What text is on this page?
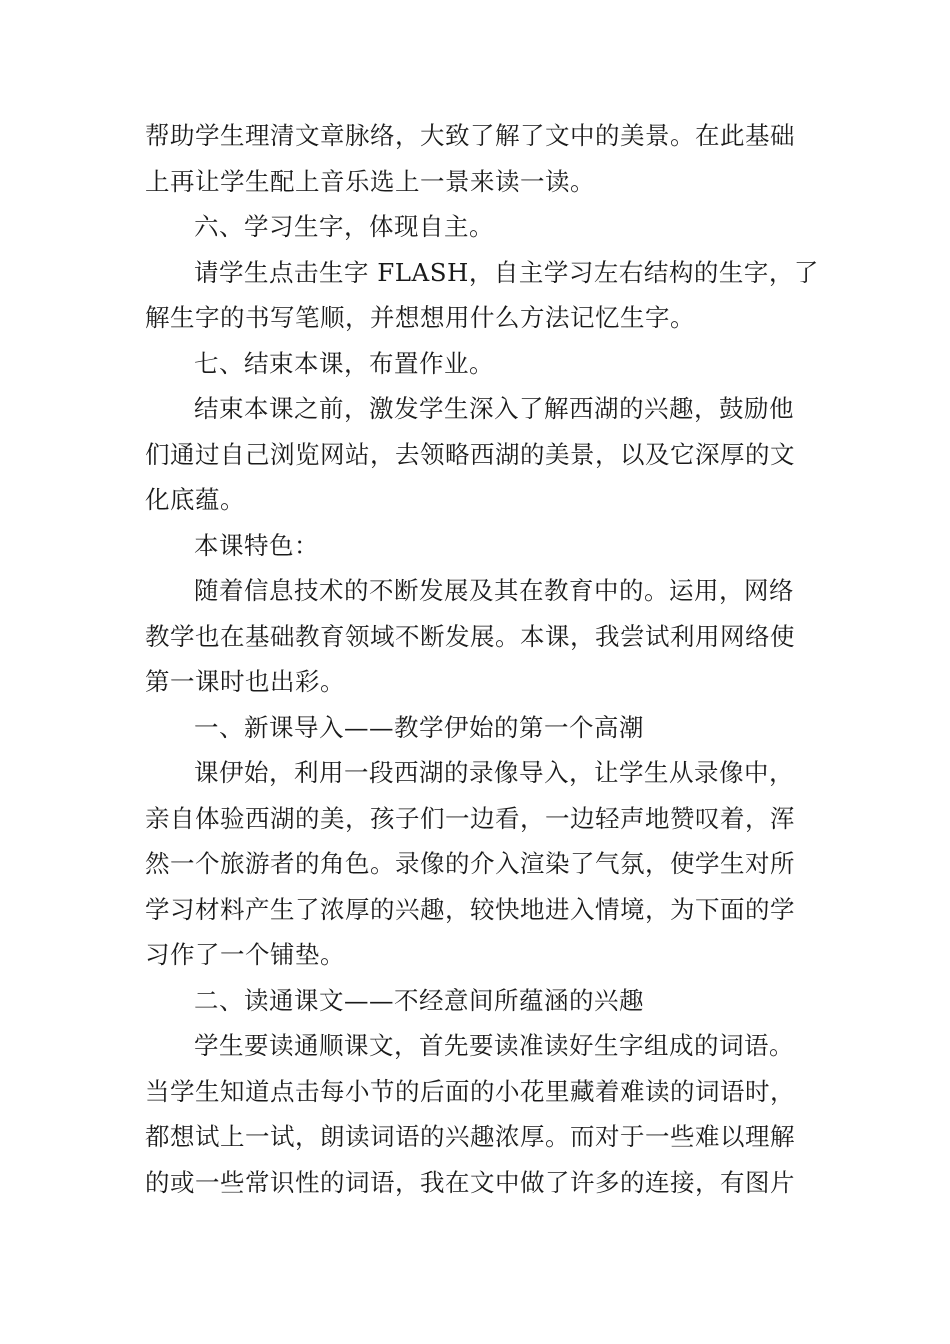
帮助学生理清文章脉络，大致了解了文中的美景。在此基础
上再让学生配上音乐选上一景来读一读。
六、学习生字，体现自主。
请学生点击生字 FLASH，自主学习左右结构的生字，了
解生字的书写笔顺，并想想用什么方法记忆生字。
七、结束本课，布置作业。
结束本课之前，激发学生深入了解西湖的兴趣，鼓励他
们通过自己浏览网站，去领略西湖的美景，以及它深厚的文
化底蕴。
本课特色：
随着信息技术的不断发展及其在教育中的。运用，网络
教学也在基础教育领域不断发展。本课，我尝试利用网络使
第一课时也出彩。
一、新课导入——教学伊始的第一个高潮
课伊始，利用一段西湖的录像导入，让学生从录像中，
亲自体验西湖的美，孩子们一边看，一边轻声地赞叹着，浑
然一个旅游者的角色。录像的介入渲染了气氛，使学生对所
学习材料产生了浓厚的兴趣，较快地进入情境，为下面的学
习作了一个铺垫。
二、读通课文——不经意间所蕴涵的兴趣
学生要读通顺课文，首先要读准读好生字组成的词语。
当学生知道点击每小节的后面的小花里藏着难读的词语时，
都想试上一试，朗读词语的兴趣浓厚。而对于一些难以理解
的或一些常识性的词语，我在文中做了许多的连接，有图片
